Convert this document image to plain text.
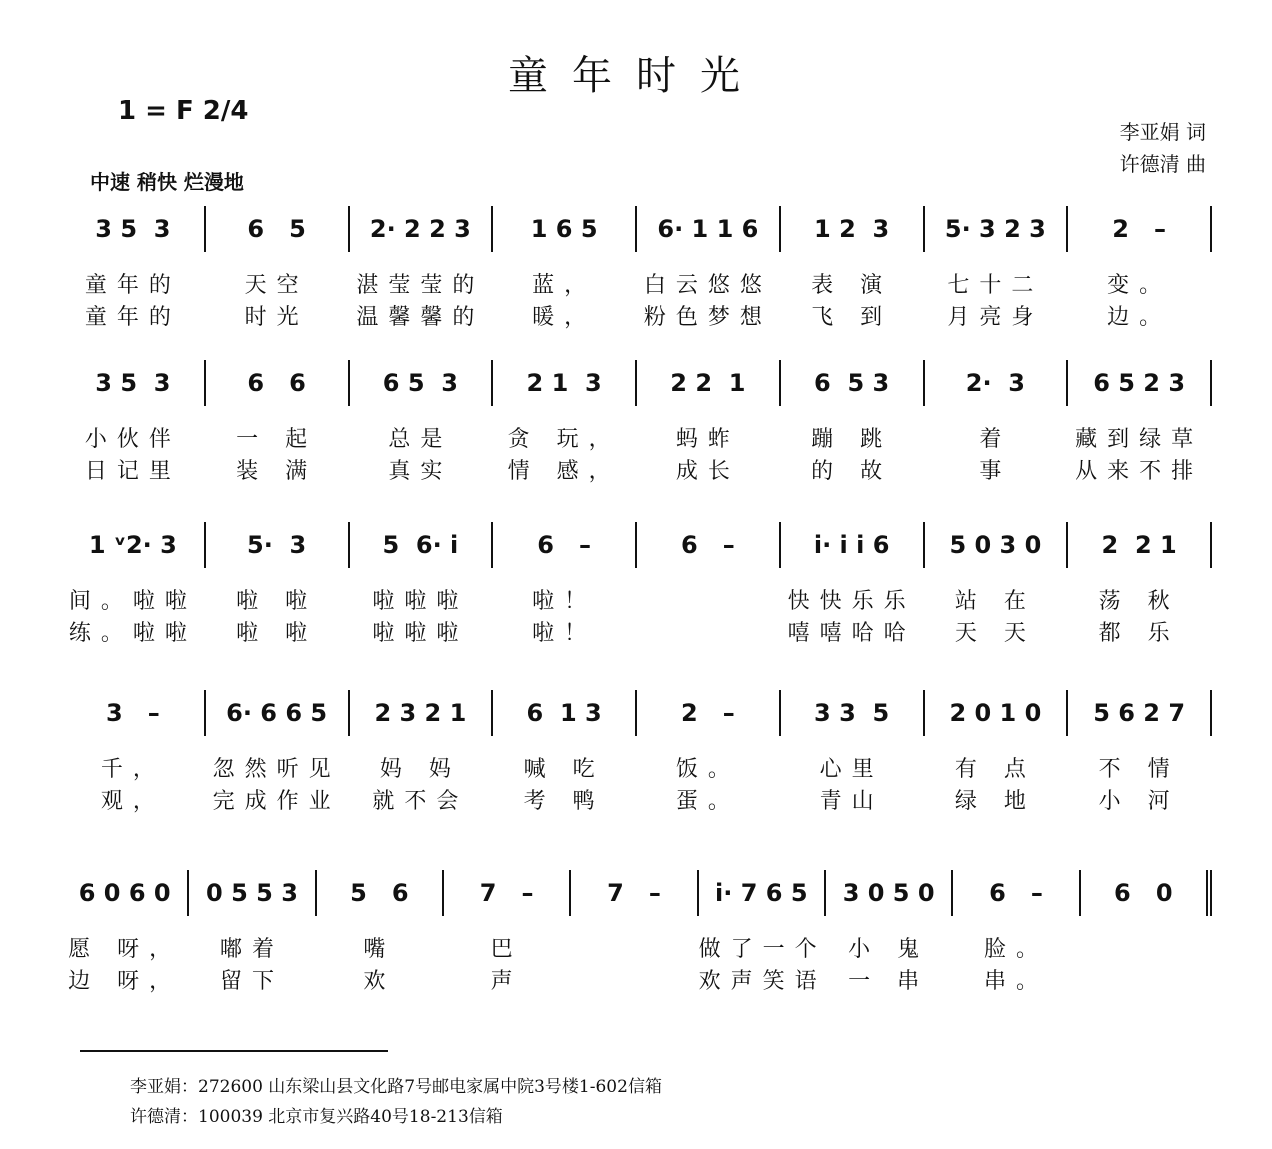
童年时光
1 = F 2/4
中速 稍快 烂漫地
李亚娟 词
许德清 曲
3 5  3
童年的
童年的
6   5
天空
时光
2· 2 2 3
湛莹莹的
温馨馨的
1 6 5
蓝，
暖，
6· 1 1 6
白云悠悠
粉色梦想
1 2  3
表 演
飞 到
5· 3 2 3
七十二
月亮身
2   –
变。
边。
3 5  3
小伙伴
日记里
6   6
一 起
装 满
6 5  3
总是
真实
2 1  3
贪 玩，
情 感，
2 2  1
蚂蚱
成长
6  5 3
蹦 跳
的 故
2·  3
着
事
6 5 2 3
藏到绿草
从来不排
1 ᵛ2· 3
间。啦啦
练。啦啦
5·  3
啦 啦
啦 啦
5  6· i
啦啦啦
啦啦啦
6   –
啦！
啦！
6   –	i· i i 6
快快乐乐
嘻嘻哈哈
5 0 3 0
站 在
天 天
2  2 1
荡 秋
都 乐
3   –
千，
观，
6· 6 6 5
忽然听见
完成作业
2 3 2 1
妈 妈
就不会
6  1 3
喊 吃
考 鸭
2   –
饭。
蛋。
3 3  5
心里
青山
2 0 1 0
有 点
绿 地
5 6 2 7
不 情
小 河
6 0 6 0
愿 呀，
边 呀，
0 5 5 3
嘟着
留下
5   6
嘴
欢
7   –
巴
声
7   –	i· 7 6 5
做了一个
欢声笑语
3 0 5 0
小 鬼
一 串
6   –
脸。
串。
6   0
李亚娟：272600 山东梁山县文化路7号邮电家属中院3号楼1-602信箱
许德清：100039 北京市复兴路40号18-213信箱
